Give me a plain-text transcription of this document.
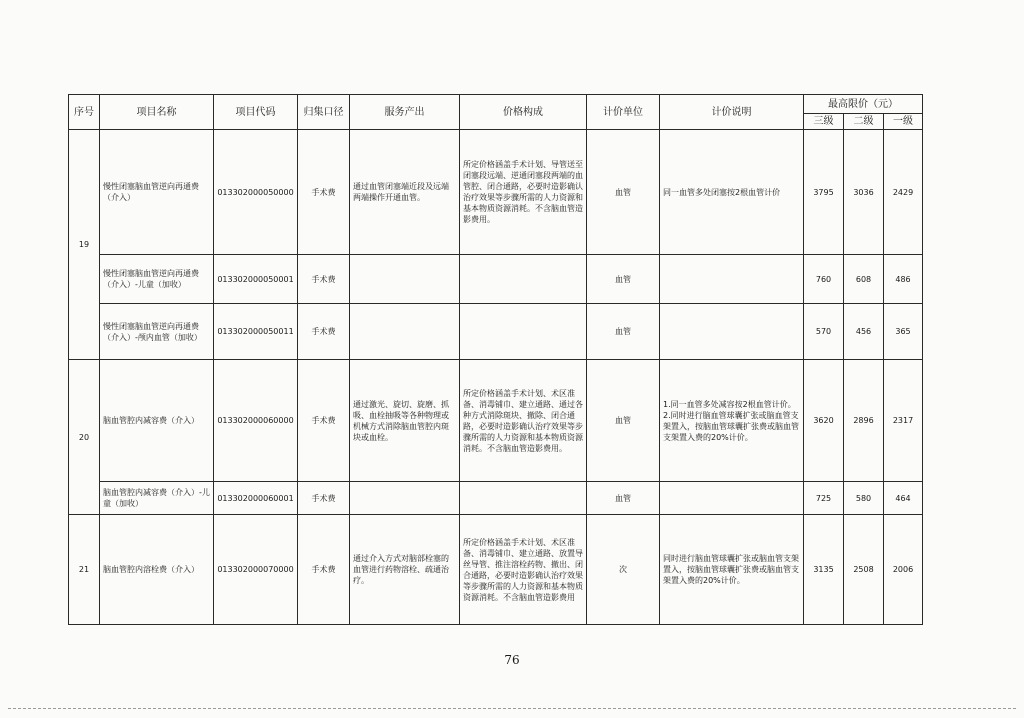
序号	项目名称	项目代码	归集口径	服务产出	价格构成	计价单位	计价说明	最高限价（元）		
								三级	二级	一级
19	慢性闭塞脑血管逆向再通费（介入）	013302000050000	手术费	通过血管闭塞端近段及远端两端操作开通血管。	所定价格涵盖手术计划、导管送至闭塞段远端、逆通闭塞段两端的血管腔、闭合通路，必要时造影确认治疗效果等步骤所需的人力资源和基本物质资源消耗。不含脑血管造影费用。	血管	同一血管多处闭塞按2根血管计价	3795	3036	2429
	慢性闭塞脑血管逆向再通费（介入）-儿童（加收）	013302000050001	手术费			血管		760	608	486
	慢性闭塞脑血管逆向再通费（介入）-颅内血管（加收）	013302000050011	手术费			血管		570	456	365
20	脑血管腔内减容费（介入）	013302000060000	手术费	通过激光、旋切、旋磨、抓吸、血栓抽吸等各种物理或机械方式消除脑血管腔内斑块或血栓。	所定价格涵盖手术计划、术区准备、消毒铺巾、建立通路、通过各种方式消除斑块、撤除、闭合通路，必要时造影确认治疗效果等步骤所需的人力资源和基本物质资源消耗。不含脑血管造影费用。	血管	1.同一血管多处减容按2根血管计价。2.同时进行脑血管球囊扩张或脑血管支架置入，按脑血管球囊扩张费或脑血管支架置入费的20%计价。	3620	2896	2317
	脑血管腔内减容费（介入）-儿童（加收）	013302000060001	手术费			血管		725	580	464
21	脑血管腔内溶栓费（介入）	013302000070000	手术费	通过介入方式对脑部栓塞的血管进行药物溶栓、疏通治疗。	所定价格涵盖手术计划、术区准备、消毒铺巾、建立通路、放置导丝导管、推注溶栓药物、撤出、闭合通路，必要时造影确认治疗效果等步骤所需的人力资源和基本物质资源消耗。不含脑血管造影费用	次	同时进行脑血管球囊扩张或脑血管支架置入，按脑血管球囊扩张费或脑血管支架置入费的20%计价。	3135	2508	2006
76
